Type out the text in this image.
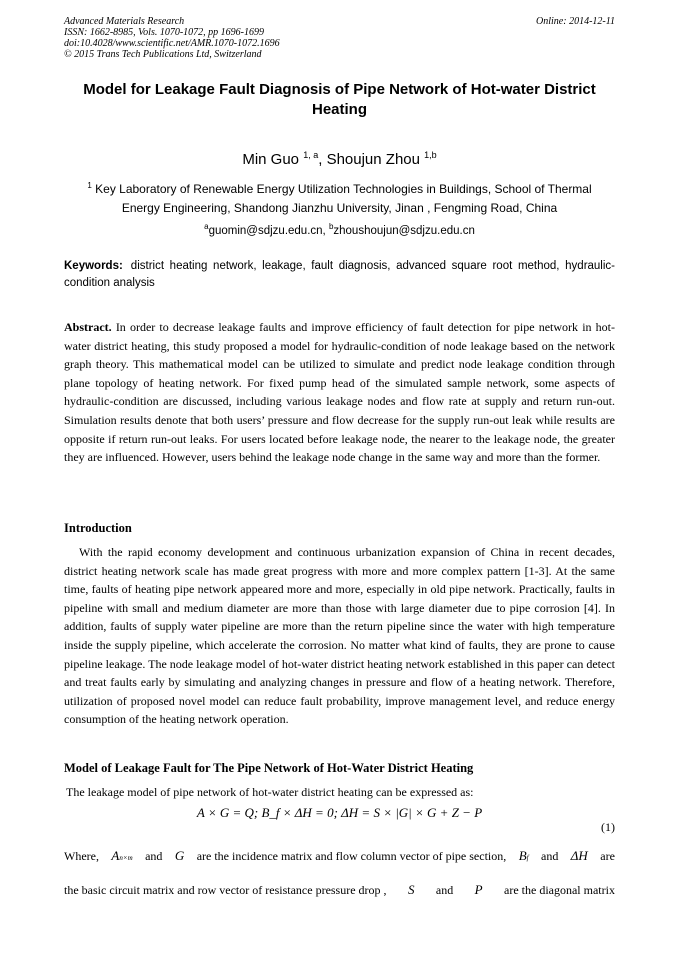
Advanced Materials Research
ISSN: 1662-8985, Vols. 1070-1072, pp 1696-1699
doi:10.4028/www.scientific.net/AMR.1070-1072.1696
© 2015 Trans Tech Publications Ltd, Switzerland
Online: 2014-12-11
Model for Leakage Fault Diagnosis of Pipe Network of Hot-water District
Heating
Min Guo $^{1, a}$, Shoujun Zhou $^{1,b}$
$^1$ Key Laboratory of Renewable Energy Utilization Technologies in Buildings, School of Thermal
Energy Engineering, Shandong Jianzhu University, Jinan , Fengming Road, China
$^a$guomin@sdjzu.edu.cn, $^b$zhoushoujun@sdjzu.edu.cn
Keywords: district heating network, leakage, fault diagnosis, advanced square root method, hydraulic-condition analysis
Abstract. In order to decrease leakage faults and improve efficiency of fault detection for pipe network in hot-water district heating, this study proposed a model for hydraulic-condition of node leakage based on the network graph theory. This mathematical model can be utilized to simulate and predict node leakage condition through plane topology of heating network. For fixed pump head of the simulated sample network, some aspects of hydraulic-condition are discussed, including various leakage nodes and flow rate at supply and return run-out. Simulation results denote that both users’ pressure and flow decrease for the supply run-out leak while results are opposite if return run-out leaks. For users located before leakage node, the nearer to the leakage node, the greater they are influenced. However, users behind the leakage node change in the same way and more than the former.
Introduction
With the rapid economy development and continuous urbanization expansion of China in recent decades, district heating network scale has made great progress with more and more complex pattern [1-3]. At the same time, faults of heating pipe network appeared more and more, especially in old pipe network. Practically, faults in pipeline with small and medium diameter are more than those with large diameter due to pipe corrosion [4]. In addition, faults of supply water pipeline are more than the return pipeline since the water with high temperature inside the supply pipeline, which accelerate the corrosion. No matter what kind of faults, they are prone to cause pipeline leakage. The node leakage model of hot-water district heating network established in this paper can detect and treat faults early by simulating and analyzing changes in pressure and flow of a heating network. Therefore, utilization of proposed novel model can reduce fault probability, improve management level, and reduce energy consumption of the heating network operation.
Model of Leakage Fault for The Pipe Network of Hot-Water District Heating
The leakage model of pipe network of hot-water district heating can be expressed as:
A × G = Q; B_f × ΔH = 0; ΔH = S × |G| × G + Z − P
(1)
Where, An×m and G are the incidence matrix and flow column vector of pipe section, Bf and ΔH are
the basic circuit matrix and row vector of resistance pressure drop , S and P are the diagonal matrix
